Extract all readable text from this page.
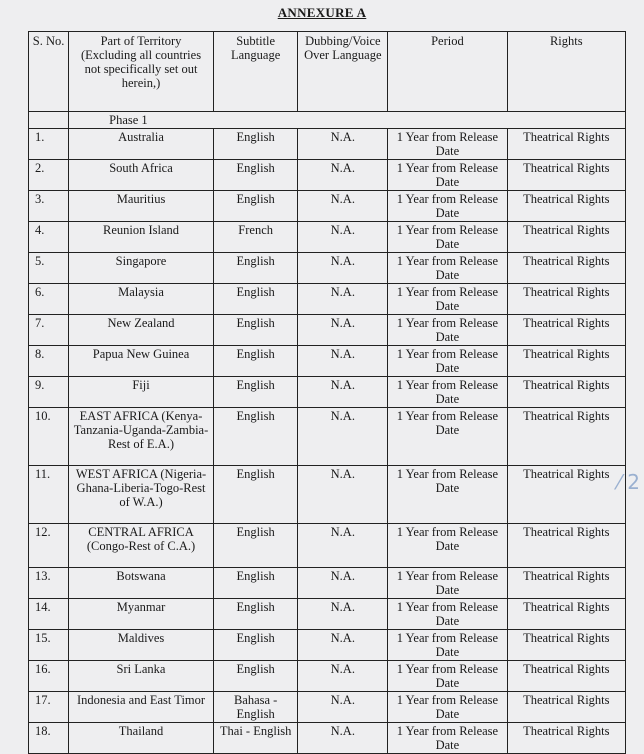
ANNEXURE A
S. No.	Part of Territory (Excluding all countries not specifically set out herein,)	Subtitle Language	Dubbing/Voice Over Language	Period	Rights
	Phase 1				
1.	Australia	English	N.A.	1 Year from Release Date	Theatrical Rights
2.	South Africa	English	N.A.	1 Year from Release Date	Theatrical Rights
3.	Mauritius	English	N.A.	1 Year from Release Date	Theatrical Rights
4.	Reunion Island	French	N.A.	1 Year from Release Date	Theatrical Rights
5.	Singapore	English	N.A.	1 Year from Release Date	Theatrical Rights
6.	Malaysia	English	N.A.	1 Year from Release Date	Theatrical Rights
7.	New Zealand	English	N.A.	1 Year from Release Date	Theatrical Rights
8.	Papua New Guinea	English	N.A.	1 Year from Release Date	Theatrical Rights
9.	Fiji	English	N.A.	1 Year from Release Date	Theatrical Rights
10.	EAST AFRICA (Kenya-Tanzania-Uganda-Zambia-Rest of E.A.)	English	N.A.	1 Year from Release Date	Theatrical Rights
11.	WEST AFRICA (Nigeria-Ghana-Liberia-Togo-Rest of W.A.)	English	N.A.	1 Year from Release Date	Theatrical Rights
12.	CENTRAL AFRICA (Congo-Rest of C.A.)	English	N.A.	1 Year from Release Date	Theatrical Rights
13.	Botswana	English	N.A.	1 Year from Release Date	Theatrical Rights
14.	Myanmar	English	N.A.	1 Year from Release Date	Theatrical Rights
15.	Maldives	English	N.A.	1 Year from Release Date	Theatrical Rights
16.	Sri Lanka	English	N.A.	1 Year from Release Date	Theatrical Rights
17.	Indonesia and East Timor	Bahasa - English	N.A.	1 Year from Release Date	Theatrical Rights
18.	Thailand	Thai - English	N.A.	1 Year from Release Date	Theatrical Rights
⁄ 2
